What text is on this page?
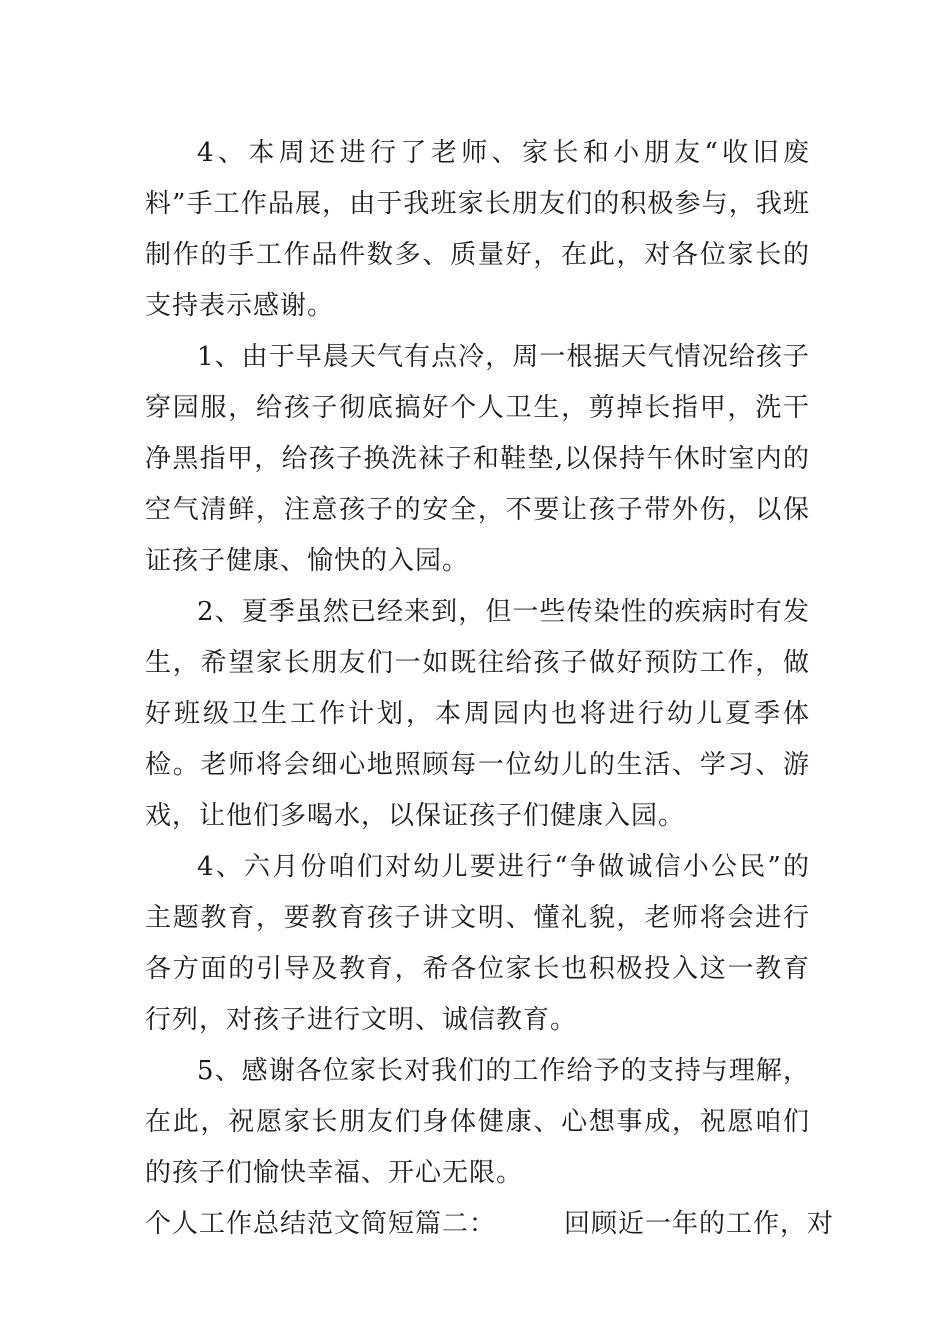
4、本周还进行了老师、家长和小朋友“收旧废料”手工作品展，由于我班家长朋友们的积极参与，我班制作的手工作品件数多、质量好，在此，对各位家长的支持表示感谢。

1、由于早晨天气有点冷，周一根据天气情况给孩子穿园服，给孩子彻底搞好个人卫生，剪掉长指甲，洗干净黑指甲，给孩子换洗袜子和鞋垫,以保持午休时室内的空气清鲜，注意孩子的安全，不要让孩子带外伤，以保证孩子健康、愉快的入园。

2、夏季虽然已经来到，但一些传染性的疾病时有发生，希望家长朋友们一如既往给孩子做好预防工作，做好班级卫生工作计划，本周园内也将进行幼儿夏季体检。老师将会细心地照顾每一位幼儿的生活、学习、游戏，让他们多喝水，以保证孩子们健康入园。

4、六月份咱们对幼儿要进行“争做诚信小公民”的主题教育，要教育孩子讲文明、懂礼貌，老师将会进行各方面的引导及教育，希各位家长也积极投入这一教育行列，对孩子进行文明、诚信教育。

5、感谢各位家长对我们的工作给予的支持与理解，在此，祝愿家长朋友们身体健康、心想事成，祝愿咱们的孩子们愉快幸福、开心无限。

个人工作总结范文简短篇二：	回顾近一年的工作，对
